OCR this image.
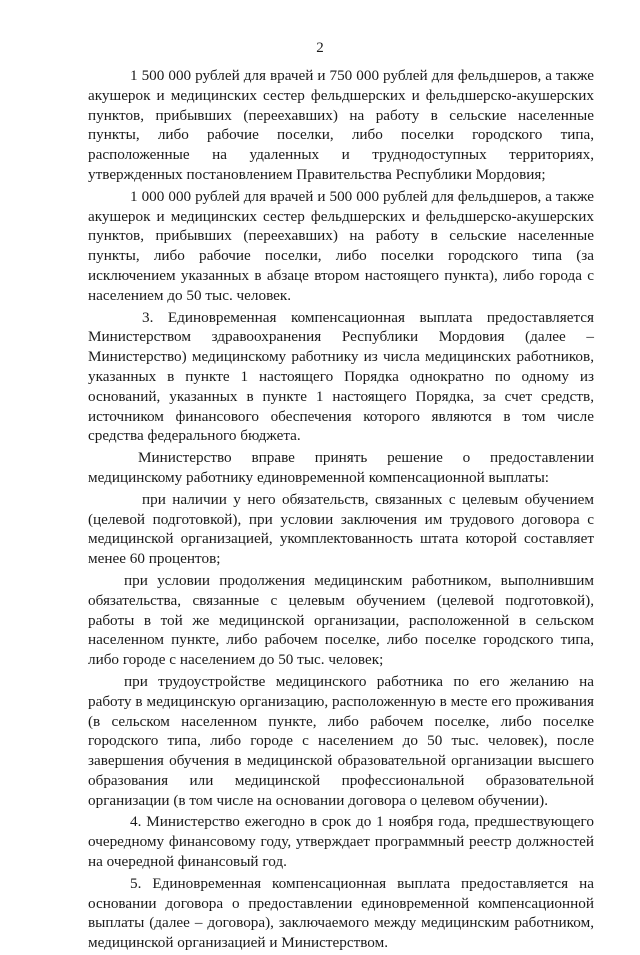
2

1 500 000 рублей для врачей и 750 000 рублей для фельдшеров, а также акушерок и медицинских сестер фельдшерских и фельдшерско-акушерских пунктов, прибывших (переехавших) на работу в сельские населенные пункты, либо рабочие поселки, либо поселки городского типа, расположенные на удаленных и труднодоступных территориях, утвержденных постановлением Правительства Республики Мордовия;

1 000 000 рублей для врачей и 500 000 рублей для фельдшеров, а также акушерок и медицинских сестер фельдшерских и фельдшерско-акушерских пунктов, прибывших (переехавших) на работу в сельские населенные пункты, либо рабочие поселки, либо поселки городского типа (за исключением указанных в абзаце втором настоящего пункта), либо города с населением до 50 тыс. человек.

3. Единовременная компенсационная выплата предоставляется Министерством здравоохранения Республики Мордовия (далее – Министерство) медицинскому работнику из числа медицинских работников, указанных в пункте 1 настоящего Порядка однократно по одному из оснований, указанных в пункте 1 настоящего Порядка, за счет средств, источником финансового обеспечения которого являются в том числе средства федерального бюджета.

Министерство вправе принять решение о предоставлении медицинскому работнику единовременной компенсационной выплаты:

при наличии у него обязательств, связанных с целевым обучением (целевой подготовкой), при условии заключения им трудового договора с медицинской организацией, укомплектованность штата которой составляет менее 60 процентов;

при условии продолжения медицинским работником, выполнившим обязательства, связанные с целевым обучением (целевой подготовкой), работы в той же медицинской организации, расположенной в сельском населенном пункте, либо рабочем поселке, либо поселке городского типа, либо городе с населением до 50 тыс. человек;

при трудоустройстве медицинского работника по его желанию на работу в медицинскую организацию, расположенную в месте его проживания (в сельском населенном пункте, либо рабочем поселке, либо поселке городского типа, либо городе с населением до 50 тыс. человек), после завершения обучения в медицинской образовательной организации высшего образования или медицинской профессиональной образовательной организации (в том числе на основании договора о целевом обучении).

4. Министерство ежегодно в срок до 1 ноября года, предшествующего очередному финансовому году, утверждает программный реестр должностей на очередной финансовый год.

5. Единовременная компенсационная выплата предоставляется на основании договора о предоставлении единовременной компенсационной выплаты (далее – договора), заключаемого между медицинским работником, медицинской организацией и Министерством.
